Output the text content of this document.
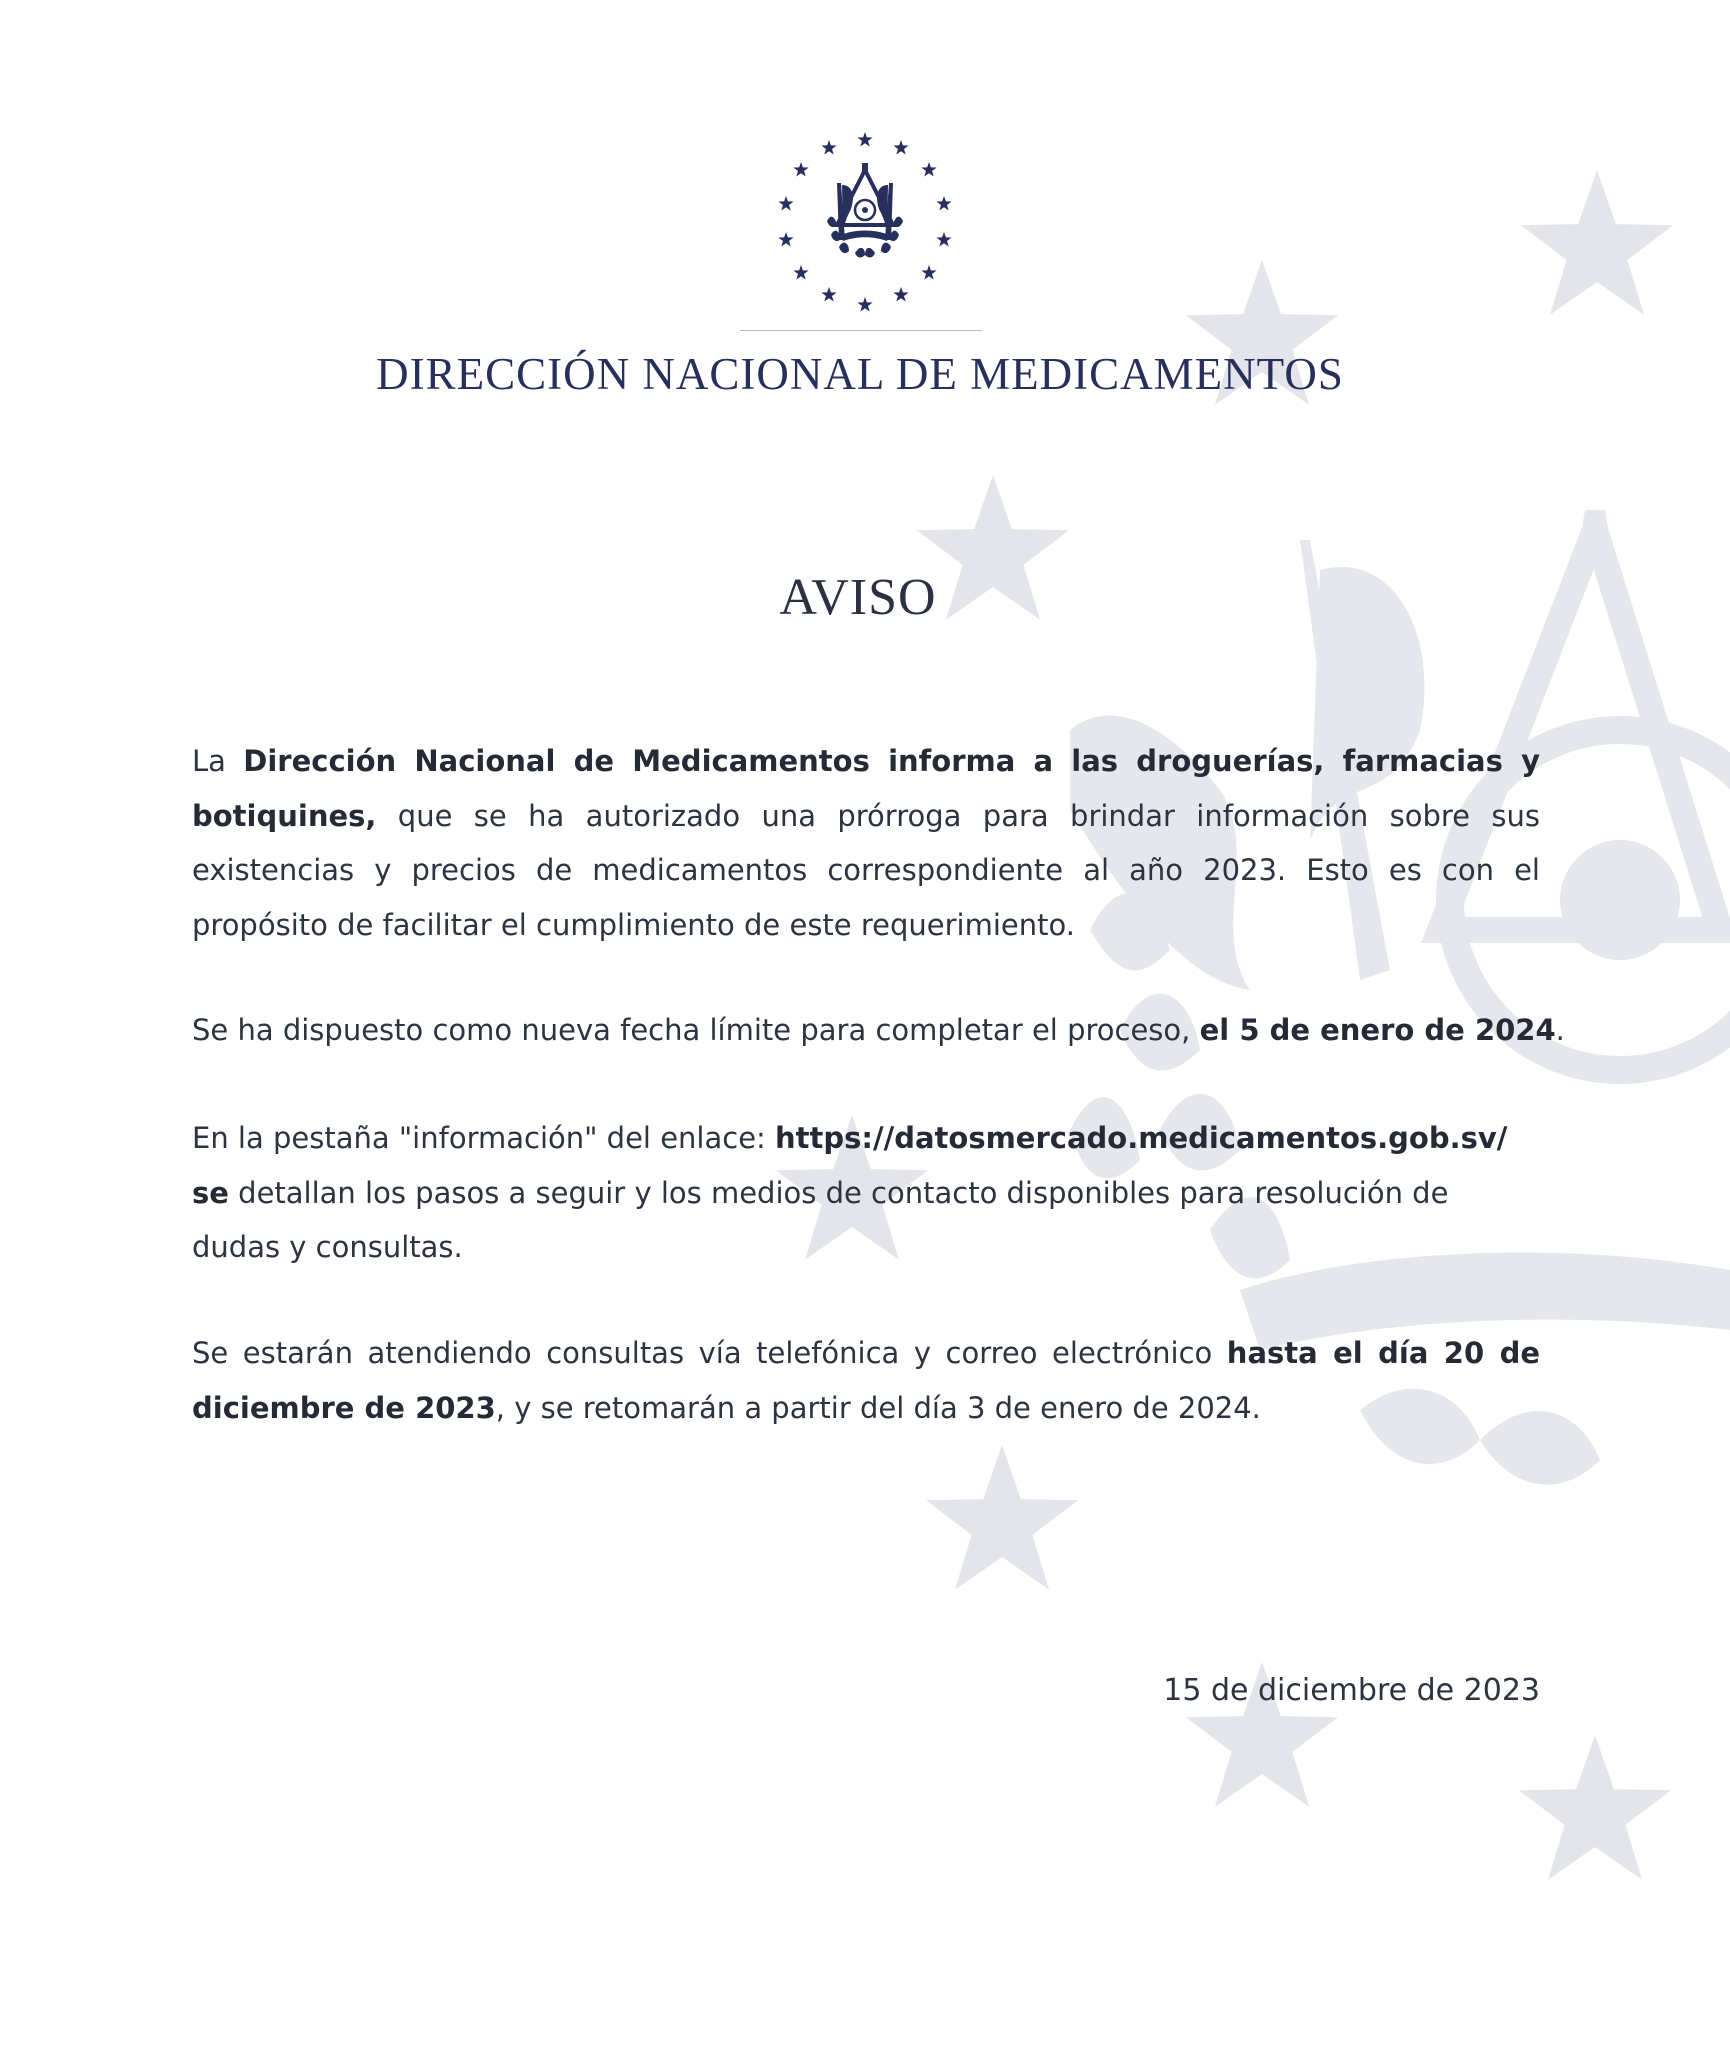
DIRECCIÓN NACIONAL DE MEDICAMENTOS
AVISO
La Dirección Nacional de Medicamentos informa a las droguerías, farmacias y botiquines, que se ha autorizado una prórroga para brindar información sobre sus existencias y precios de medicamentos correspondiente al año 2023. Esto es con el propósito de facilitar el cumplimiento de este requerimiento.
Se ha dispuesto como nueva fecha límite para completar el proceso, el 5 de enero de 2024.
En la pestaña "información" del enlace: https://datosmercado.medicamentos.gob.sv/ se detallan los pasos a seguir y los medios de contacto disponibles para resolución de dudas y consultas.
Se estarán atendiendo consultas vía telefónica y correo electrónico hasta el día 20 de diciembre de 2023, y se retomarán a partir del día 3 de enero de 2024.
15 de diciembre de 2023
